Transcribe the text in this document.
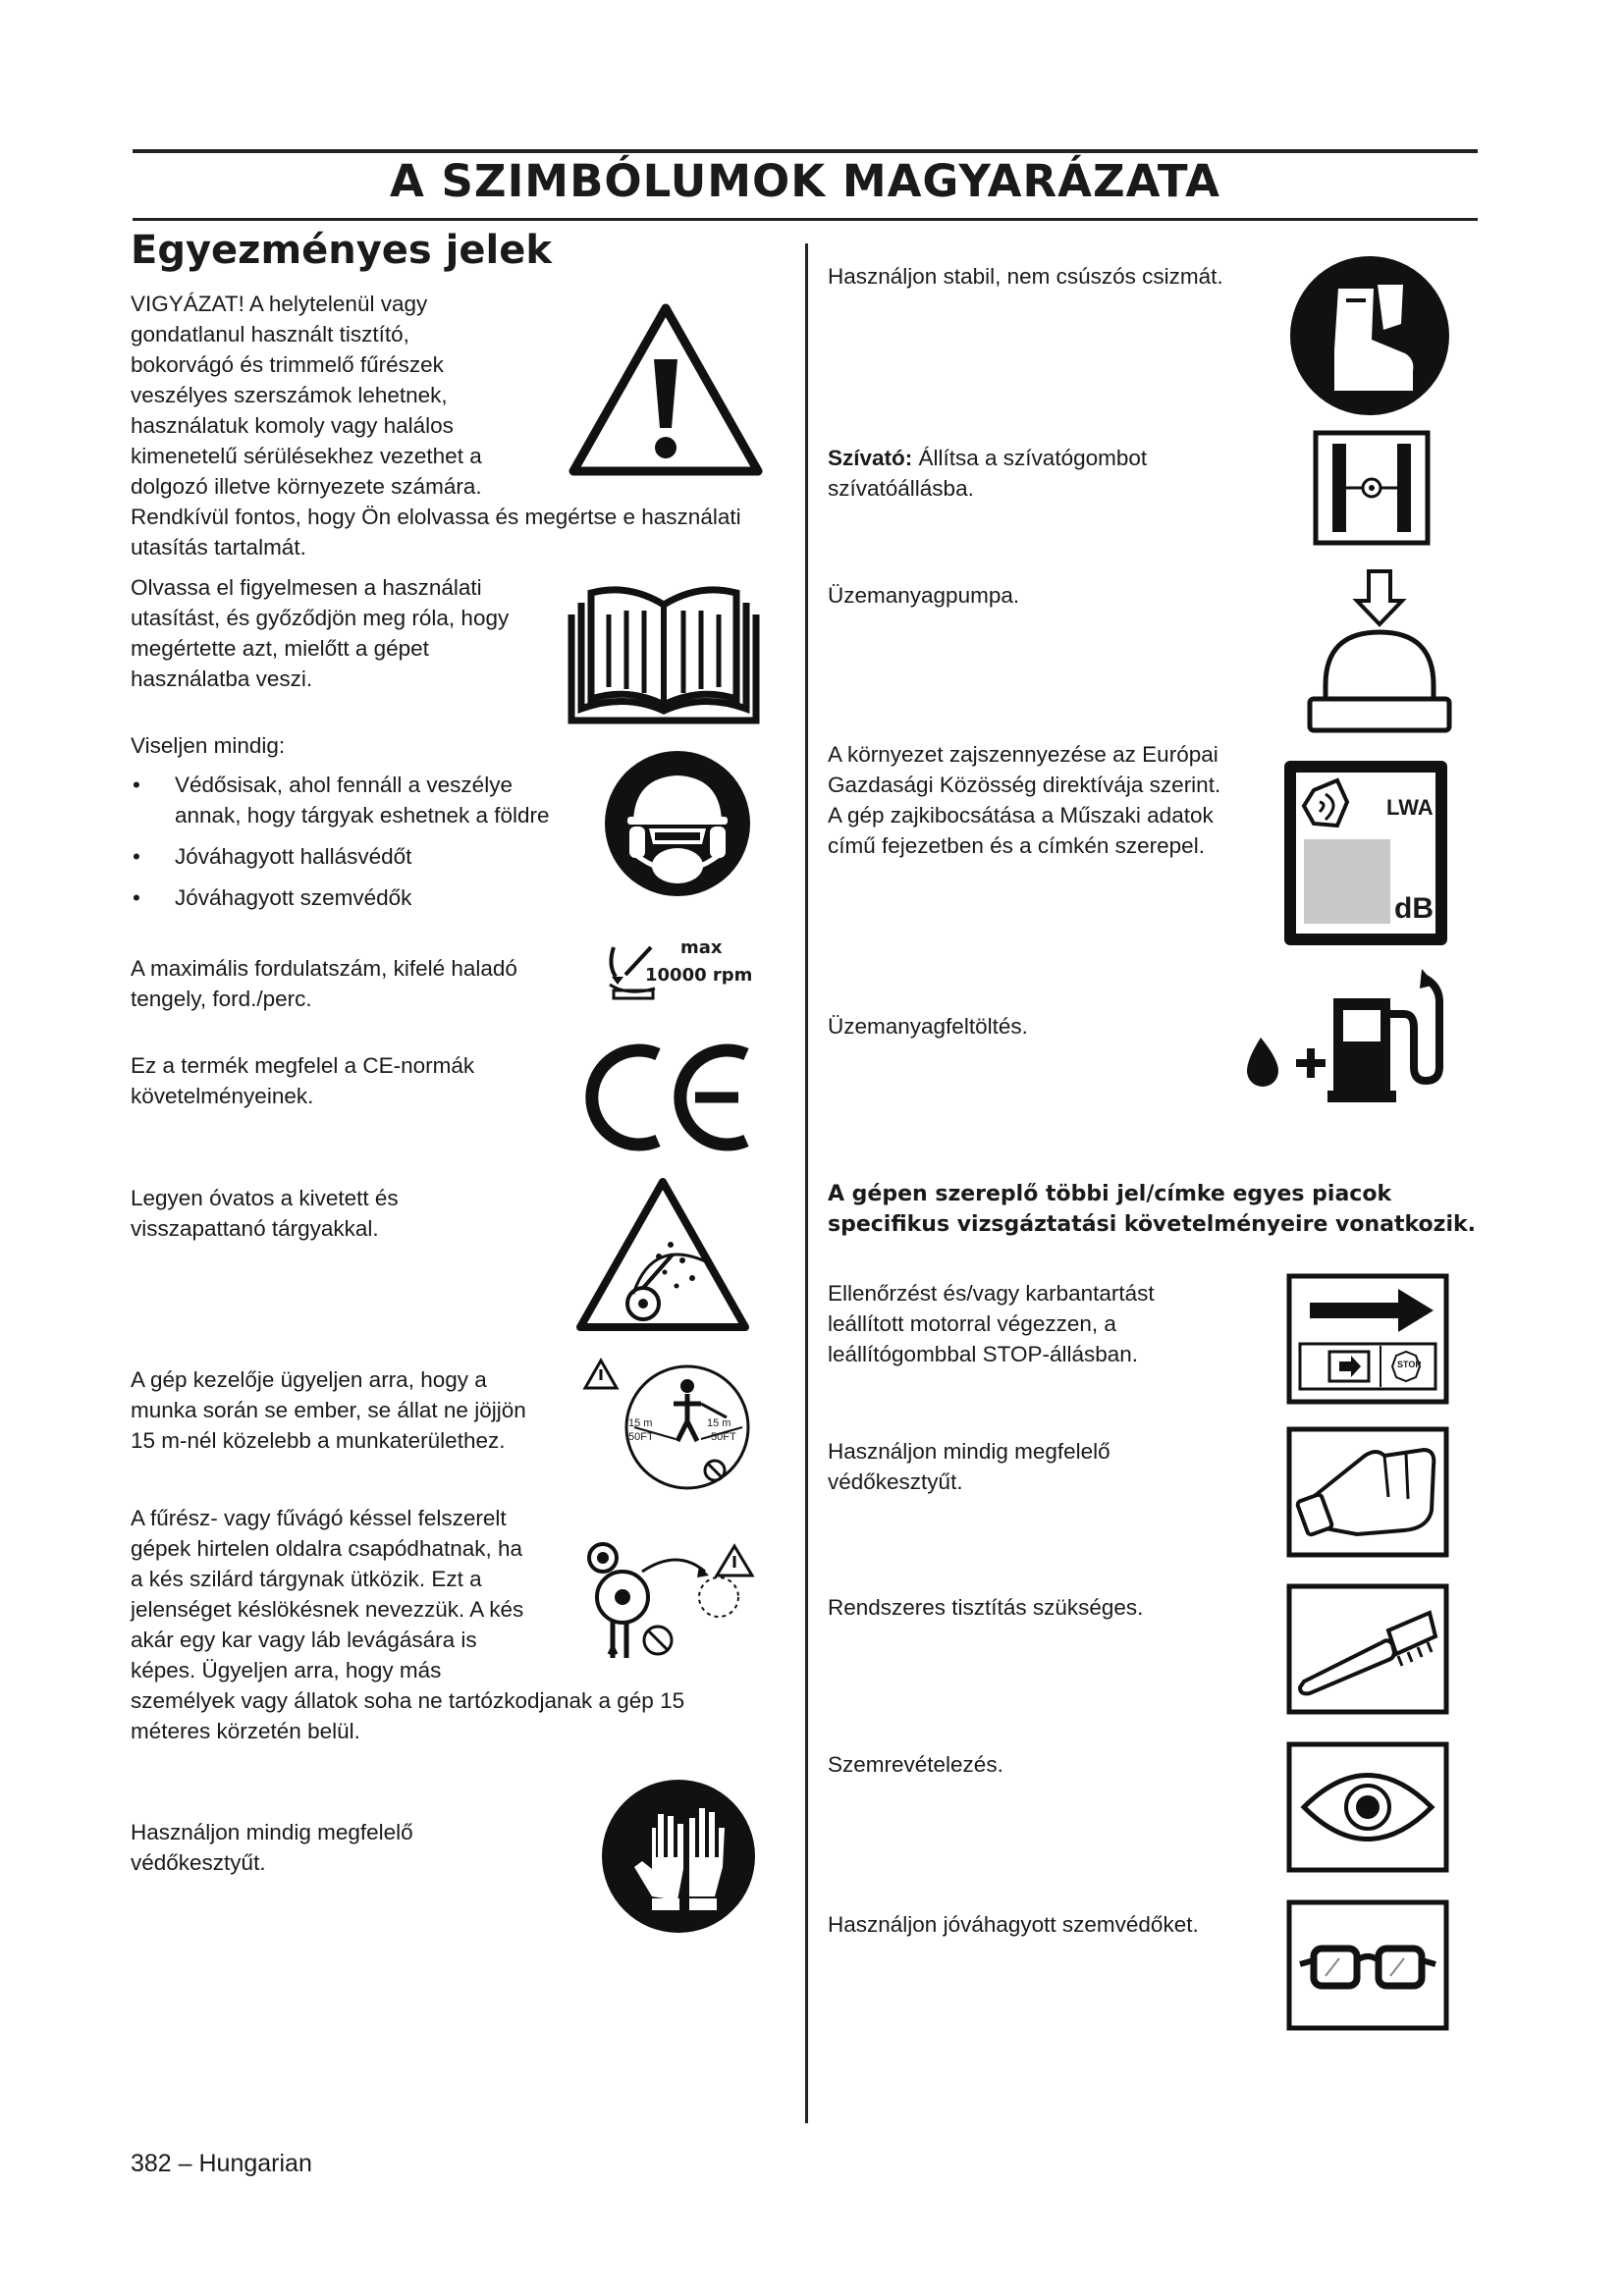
A SZIMBÓLUMOK MAGYARÁZATA
Egyezményes jelek

VIGYÁZAT! A helytelenül vagy

gondatlanul használt tisztító,

bokorvágó és trimmelő fűrészek

veszélyes szerszámok lehetnek,

használatuk komoly vagy halálos

kimenetelű sérülésekhez vezethet a

dolgozó illetve környezete számára.

Rendkívül fontos, hogy Ön elolvassa és megértse e használati

utasítás tartalmát.

Olvassa el figyelmesen a használati

utasítást, és győződjön meg róla, hogy

megértette azt, mielőtt a gépet

használatba veszi.

Viseljen mindig:
• Védősisak, ahol fennáll a veszélye annak, hogy tárgyak eshetnek a földre
• Jóváhagyott hallásvédőt
• Jóváhagyott szemvédők

A maximális fordulatszám, kifelé haladó

tengely, ford./perc.

max
10000 rpm

Ez a termék megfelel a CE-normák

követelményeinek.

Legyen óvatos a kivetett és

visszapattanó tárgyakkal.

A gép kezelője ügyeljen arra, hogy a

munka során se ember, se állat ne jöjjön

15 m-nél közelebb a munkaterülethez.

15 m
50FT
15 m
50FT

A fűrész- vagy fűvágó késsel felszerelt

gépek hirtelen oldalra csapódhatnak, ha

a kés szilárd tárgynak ütközik. Ezt a

jelenséget késlökésnek nevezzük. A kés

akár egy kar vagy láb levágására is

képes. Ügyeljen arra, hogy más

személyek vagy állatok soha ne tartózkodjanak a gép 15

méteres körzetén belül.

Használjon mindig megfelelő

védőkesztyűt.

Használjon stabil, nem csúszós csizmát.

Szívató: Állítsa a szívatógombot

szívatóállásba.

Üzemanyagpumpa.

A környezet zajszennyezése az Európai

Gazdasági Közösség direktívája szerint.

A gép zajkibocsátása a Műszaki adatok

című fejezetben és a címkén szerepel.

LWA
dB

Üzemanyagfeltöltés.

A gépen szereplő többi jel/címke egyes piacok

specifikus vizsgáztatási követelményeire vonatkozik.

Ellenőrzést és/vagy karbantartást

leállított motorral végezzen, a

leállítógombbal STOP-állásban.	STOP

Használjon mindig megfelelő

védőkesztyűt.

Rendszeres tisztítás szükséges.

Szemrevételezés.

Használjon jóváhagyott szemvédőket.

382 – Hungarian
